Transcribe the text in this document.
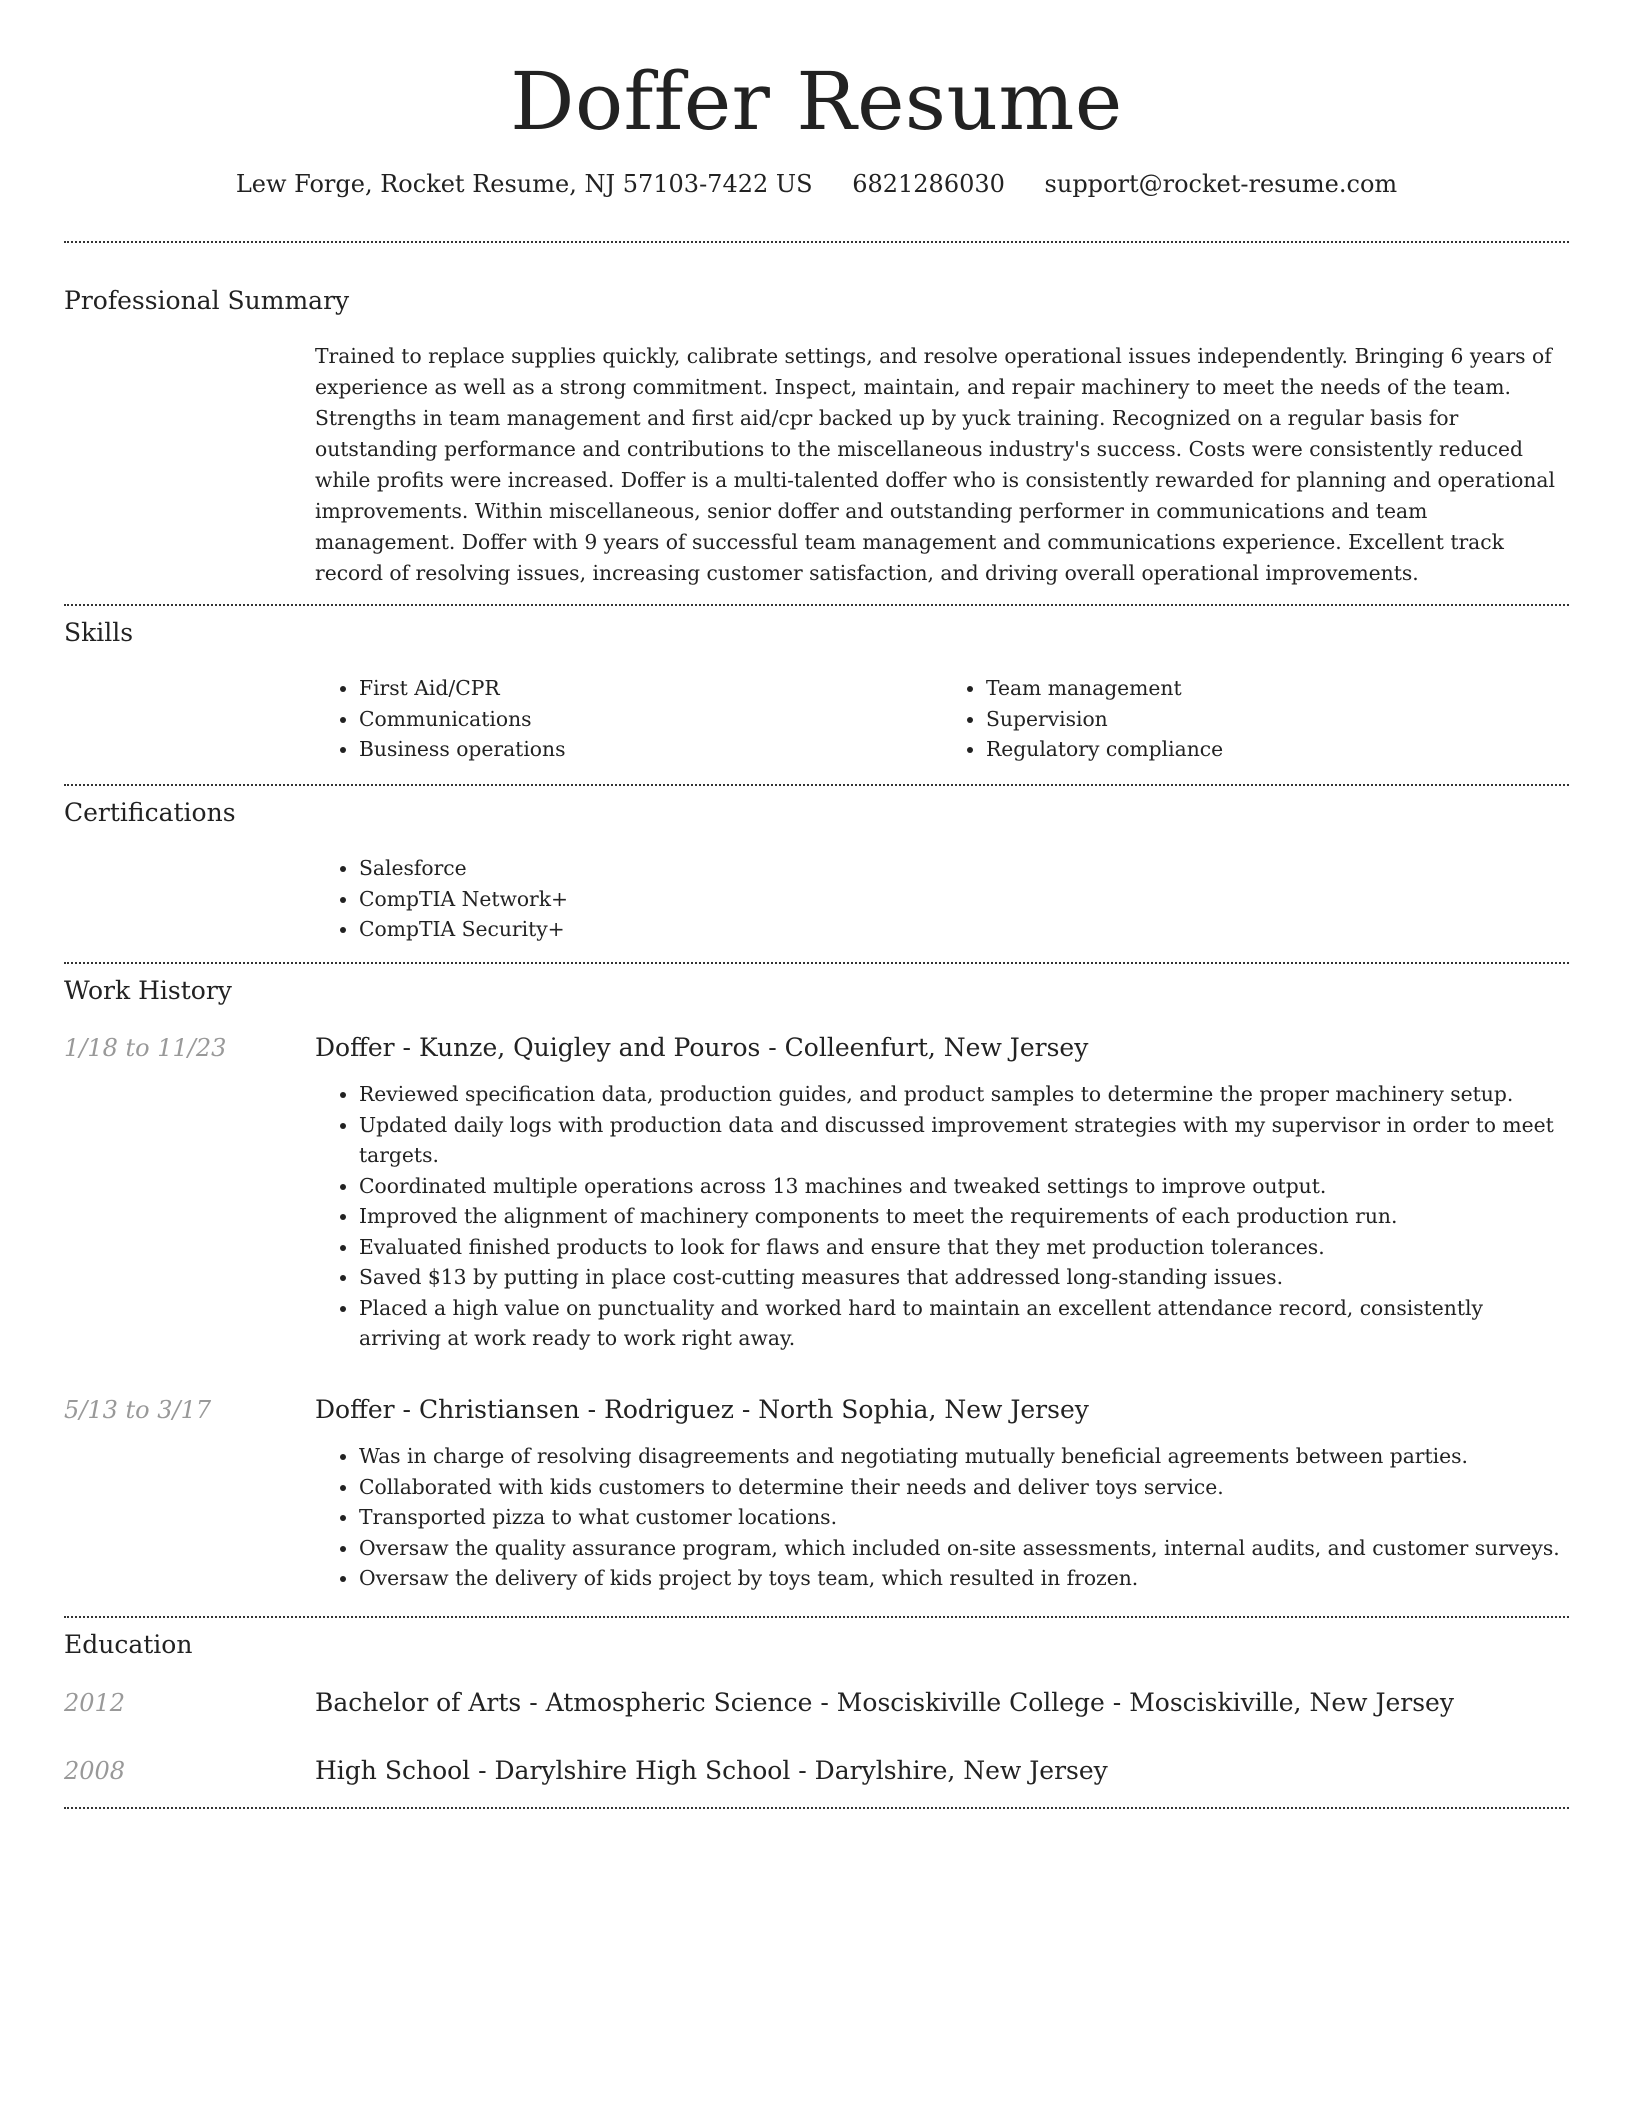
Doffer Resume
Lew Forge, Rocket Resume, NJ 57103-7422 US 6821286030 support@rocket-resume.com
Professional Summary

Trained to replace supplies quickly, calibrate settings, and resolve operational issues independently. Bringing 6 years of experience as well as a strong commitment. Inspect, maintain, and repair machinery to meet the needs of the team. Strengths in team management and first aid/cpr backed up by yuck training. Recognized on a regular basis for outstanding performance and contributions to the miscellaneous industry's success. Costs were consistently reduced while profits were increased. Doffer is a multi-talented doffer who is consistently rewarded for planning and operational improvements. Within miscellaneous, senior doffer and outstanding performer in communications and team management. Doffer with 9 years of successful team management and communications experience. Excellent track record of resolving issues, increasing customer satisfaction, and driving overall operational improvements.

Skills
• First Aid/CPR
• Communications
• Business operations
• Team management
• Supervision
• Regulatory compliance
Certifications
• Salesforce
• CompTIA Network+
• CompTIA Security+
Work History
1/18 to 11/23	Doffer - Kunze, Quigley and Pouros - Colleenfurt, New Jersey
• Reviewed specification data, production guides, and product samples to determine the proper machinery setup.
• Updated daily logs with production data and discussed improvement strategies with my supervisor in order to meet targets.
• Coordinated multiple operations across 13 machines and tweaked settings to improve output.
• Improved the alignment of machinery components to meet the requirements of each production run.
• Evaluated finished products to look for flaws and ensure that they met production tolerances.
• Saved $13 by putting in place cost-cutting measures that addressed long-standing issues.
• Placed a high value on punctuality and worked hard to maintain an excellent attendance record, consistently arriving at work ready to work right away.
5/13 to 3/17	Doffer - Christiansen - Rodriguez - North Sophia, New Jersey
• Was in charge of resolving disagreements and negotiating mutually beneficial agreements between parties.
• Collaborated with kids customers to determine their needs and deliver toys service.
• Transported pizza to what customer locations.
• Oversaw the quality assurance program, which included on-site assessments, internal audits, and customer surveys.
• Oversaw the delivery of kids project by toys team, which resulted in frozen.
Education
2012	Bachelor of Arts - Atmospheric Science - Mosciskiville College - Mosciskiville, New Jersey
2008	High School - Darylshire High School - Darylshire, New Jersey
